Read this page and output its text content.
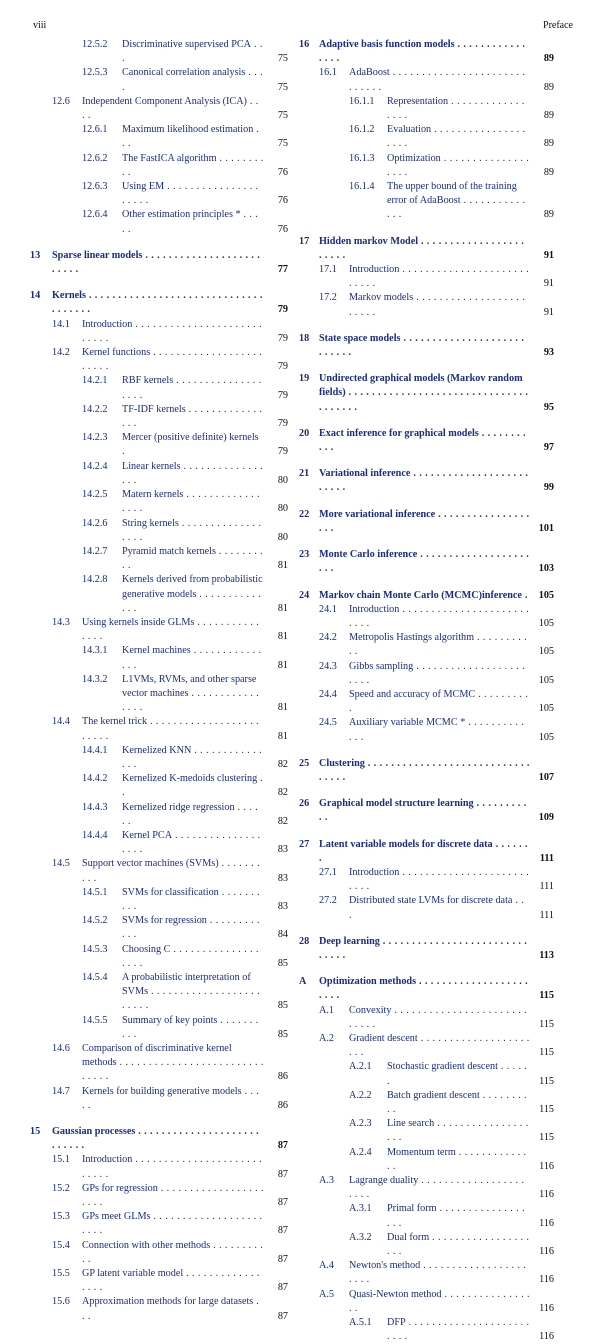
viii	Preface
12.5.2 Discriminative supervised PCA . . .	75
12.5.3 Canonical correlation analysis . . . .	75
12.6 Independent Component Analysis (ICA) . . . .	75
12.6.1 Maximum likelihood estimation . . .	75
12.6.2 The FastICA algorithm . . . . . . . . . .	76
12.6.3 Using EM . . . . . . . . . . . . . . . . . . . . .	76
12.6.4 Other estimation principles * . . . . .	76
13 Sparse linear models . . . . . . . . . . . . . . . . . . . . . . . . .	77
14 Kernels . . . . . . . . . . . . . . . . . . . . . . . . . . . . . . . . . . . . .	79
14.1 Introduction . . . . . . . . . . . . . . . . . . . . . . . . . . .	79
14.2 Kernel functions . . . . . . . . . . . . . . . . . . . . . . . .	79
14.2.1 RBF kernels . . . . . . . . . . . . . . . . . . .	79
14.2.2 TF-IDF kernels . . . . . . . . . . . . . . . .	79
14.2.3 Mercer (positive definite) kernels .	79
14.2.4 Linear kernels . . . . . . . . . . . . . . . . .	80
14.2.5 Matern kernels . . . . . . . . . . . . . . . . .	80
14.2.6 String kernels . . . . . . . . . . . . . . . . . .	80
14.2.7 Pyramid match kernels . . . . . . . . . .	81
14.2.8 Kernels derived from probabilistic generative models . . . . . . . . . . . . . .	81
14.3 Using kernels inside GLMs . . . . . . . . . . . . . . .	81
14.3.1 Kernel machines . . . . . . . . . . . . . . .	81
14.3.2 L1VMs, RVMs, and other sparse vector machines . . . . . . . . . . . . . . . .	81
14.4 The kernel trick . . . . . . . . . . . . . . . . . . . . . . . .	81
14.4.1 Kernelized KNN . . . . . . . . . . . . . . .	82
14.4.2 Kernelized K-medoids clustering . .	82
14.4.3 Kernelized ridge regression . . . . . .	82
14.4.4 Kernel PCA . . . . . . . . . . . . . . . . . . .	83
14.5 Support vector machines (SVMs) . . . . . . . . . .	83
14.5.1 SVMs for classification . . . . . . . . . .	83
14.5.2 SVMs for regression . . . . . . . . . . . .	84
14.5.3 Choosing C . . . . . . . . . . . . . . . . . . .	85
14.5.4 A probabilistic interpretation of SVMs . . . . . . . . . . . . . . . . . . . . . . . .	85
14.5.5 Summary of key points . . . . . . . . . .	85
14.6 Comparison of discriminative kernel methods . . . . . . . . . . . . . . . . . . . . . . . . . . . . . .	86
14.7 Kernels for building generative models . . . . .	86
15 Gaussian processes . . . . . . . . . . . . . . . . . . . . . . . . . . .	87
15.1 Introduction . . . . . . . . . . . . . . . . . . . . . . . . . . .	87
15.2 GPs for regression . . . . . . . . . . . . . . . . . . . . . .	87
15.3 GPs meet GLMs . . . . . . . . . . . . . . . . . . . . . . .	87
15.4 Connection with other methods . . . . . . . . . . .	87
15.5 GP latent variable model . . . . . . . . . . . . . . . . .	87
15.6 Approximation methods for large datasets . . .	87
16 Adaptive basis function models . . . . . . . . . . . . . . . .	89
16.1 AdaBoost . . . . . . . . . . . . . . . . . . . . . . . . . . . . .	89
16.1.1 Representation . . . . . . . . . . . . . . . . .	89
16.1.2 Evaluation . . . . . . . . . . . . . . . . . . . .	89
16.1.3 Optimization . . . . . . . . . . . . . . . . . . .	89
16.1.4 The upper bound of the training error of AdaBoost . . . . . . . . . . . . . .	89
17 Hidden markov Model . . . . . . . . . . . . . . . . . . . . . . .	91
17.1 Introduction . . . . . . . . . . . . . . . . . . . . . . . . . . .	91
17.2 Markov models . . . . . . . . . . . . . . . . . . . . . . . .	91
18 State space models . . . . . . . . . . . . . . . . . . . . . . . . . . .	93
19 Undirected graphical models (Markov random fields) . . . . . . . . . . . . . . . . . . . . . . . . . . . . . . . . . . . . . .	95
20 Exact inference for graphical models . . . . . . . . . . .	97
21 Variational inference . . . . . . . . . . . . . . . . . . . . . . . . .	99
22 More variational inference . . . . . . . . . . . . . . . . . . .	101
23 Monte Carlo inference . . . . . . . . . . . . . . . . . . . . . .	103
24 Markov chain Monte Carlo (MCMC)inference . 105
24.1 Introduction . . . . . . . . . . . . . . . . . . . . . . . . . .	105
24.2 Metropolis Hastings algorithm . . . . . . . . . . .	105
24.3 Gibbs sampling . . . . . . . . . . . . . . . . . . . . . . .	105
24.4 Speed and accuracy of MCMC . . . . . . . . . .	105
24.5 Auxiliary variable MCMC * . . . . . . . . . . . . .	105
25 Clustering . . . . . . . . . . . . . . . . . . . . . . . . . . . . . . . . .	107
26 Graphical model structure learning . . . . . . . . . . .	109
27 Latent variable models for discrete data . . . . . . .	111
27.1 Introduction . . . . . . . . . . . . . . . . . . . . . . . . . .	111
27.2 Distributed state LVMs for discrete data . . .	111
28 Deep learning . . . . . . . . . . . . . . . . . . . . . . . . . . . . . .	113
A Optimization methods . . . . . . . . . . . . . . . . . . . . . . .	115
A.1 Convexity . . . . . . . . . . . . . . . . . . . . . . . . . . . .	115
A.2 Gradient descent . . . . . . . . . . . . . . . . . . . . . .	115
A.2.1 Stochastic gradient descent . . . . . .	115
A.2.2 Batch gradient descent . . . . . . . . . .	115
A.2.3 Line search . . . . . . . . . . . . . . . . . . .	115
A.2.4 Momentum term . . . . . . . . . . . . . .	116
A.3 Lagrange duality . . . . . . . . . . . . . . . . . . . . . .	116
A.3.1 Primal form . . . . . . . . . . . . . . . . . .	116
A.3.2 Dual form . . . . . . . . . . . . . . . . . . . .	116
A.4 Newton's method . . . . . . . . . . . . . . . . . . . . . .	116
A.5 Quasi-Newton method . . . . . . . . . . . . . . . . .	116
A.5.1 DFP . . . . . . . . . . . . . . . . . . . . . . . . .	116
